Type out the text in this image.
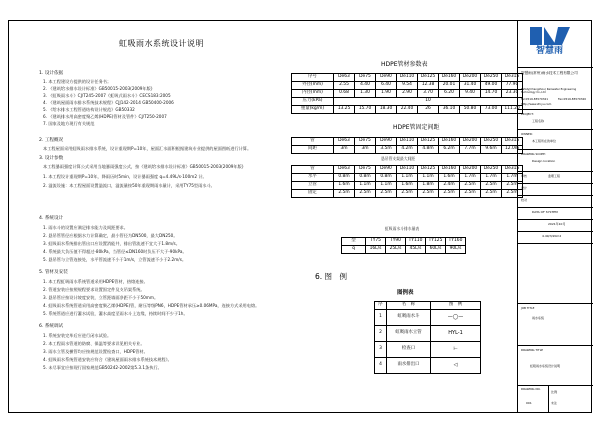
虹吸雨水系统设计说明
1. 设计依据
1. 本工程建设方提供的设计任务书；
2. 《建筑给水排水设计标准》GB50015-2003(2009年版)
3. 《虹吸雨水斗》CJ/T245-2007《虹吸式雨水斗》CECS183:2005
4. 《建筑屋面雨水排水系统技术规程》CJJ142-2014 GB50400-2006
5. 《给水排水工程管道结构设计规范》GB50332
6. 《建筑排水用高密度聚乙烯(HDPE)管材及管件》CJ/T250-2007
7. 国家及地方现行有关规范
2. 工程概况
本工程屋面采用虹吸雨水排水系统，设计重现期P=10年，屋面汇水面积根据建筑专业提供的屋面图纸进行计算。
3. 设计参数
本工程暴雨强度计算公式采用当地暴雨强度公式，按《建筑给水排水设计标准》GB50015-2003(2009年版)
1. 本工程设计重现期P=10年，降雨历时5min，设计暴雨强度 q=4.49L/s·100m2 计。
2. 溢流设施：本工程屋面设置溢流口，溢流量按50年重现期雨水量计，采用TY75型雨水斗。
4. 系统设计
1. 雨水斗的设置应满足排水能力及间距要求。
2. 悬吊管管径应根据水力计算确定，最小管径为DN500，最大DN250。
3. 虹吸雨水系统排出管出口应设置消能井，排出管流速不宜大于1.8m/s。
4. 系统最大负压值不得超过-80kPa，当管径≤DN160时负压不大于-90kPa。
5. 悬吊管与立管连接处，水平管流速不小于1m/s，立管流速不小于2.2m/s。
5. 管材及安装
1. 本工程虹吸雨水系统管道采用HDPE管材，热熔连接。
2. 管道安装应按照规程要求设置固定件及支吊架系统。
3. 悬吊管应按设计坡度安装，立管距墙面净距不小于50mm。
4. 虹吸雨水系统管道采用高密度聚乙烯(HDPE)管，耐压等级PN6，HDPE管材承压≥0.06MPa，连接方式采用电熔。
5. 系统管道应进行灌水试验，灌水高度至雨水斗上边缘，持续时间不少于1h。
6. 系统调试
1. 系统安装完毕后应进行闭水试验。
2. 本工程雨水管道的防腐、保温等要求详见相关专业。
3. 雨水立管及横管均应按规范设置检查口，HDPE管材。
4. 虹吸雨水系统管道安装应符合《建筑屋面雨水排水系统技术规程》。
5. 未尽事宜应按现行国家规范GB50242-2002第5.3.1条执行。
HDPE管材参数表
序号	De63	De75	De90	De110	De125	De160	De200	De250	De315
外径(mm)	2.55	4.40	6.40	9.54	12.38	20.01	31.40	49.00	77.90
内径(mm)	0.68	1.30	1.90	2.90	3.70	6.20	9.40	14.70	23.30
压力(kPa)	10								
重量(kg/m)	13.25	15.70	18.30	22.40	26	36.10	50.80	73.00	111.20
HDPE管固定间距
管	De63	De75	De90	De110	De125	De160	De200	De250	De315
间距	3m	3m	3.5m	4.2m	4.8m	6.2m	7.7m	9.6m	12.0m
悬吊管支架最大间距
管	De63	De75	De90	De110	De125	De160	De200	De250	De315
水平	0.8m	0.8m	0.8m	1.1m	1.1m	1.6m	1.7m	1.7m	1.7m
立管	1.6m	1.1m	1.1m	1.6m	1.8m	2.4m	2.5m	2.5m	2.5m
固定	2.5m	2.5m	2.5m	2.5m	2.5m	2.5m	2.5m	2.5m	2.5m
虹吸雨水斗排水量表
型	TY75	TY90	TY110	TY125	TY160
q	16L/s	25L/s	45L/s	60L/s	90L/s
6. 图　例
图例表
序	名　称	图　例
1	虹吸雨水斗	—◯—
2	虹吸雨水立管	HYL-1
3	检查口	⊢
4	雨水排出口	◁
智慧雨
智慧雨(常州)雨水技术工程有限公司
Safety(Changzhou) Rainwater Engineering Technology Co.,Ltd
Tel:0519-85570321	Fax:0519-85570320
http://www.zhiyu.com
PROJECT:
工程名称
OWNER:
本工程所在的单位
DRAWING SCOPE:
Design location
审核	监理工程
设计
校对
DATA OF SYSTEM
2021年10月
4.49/3/20m2
JOB TITLE
雨水系统
DRAWING TITLE
虹吸雨水系统设计说明
DRAWING NO.
001
比例
未注
